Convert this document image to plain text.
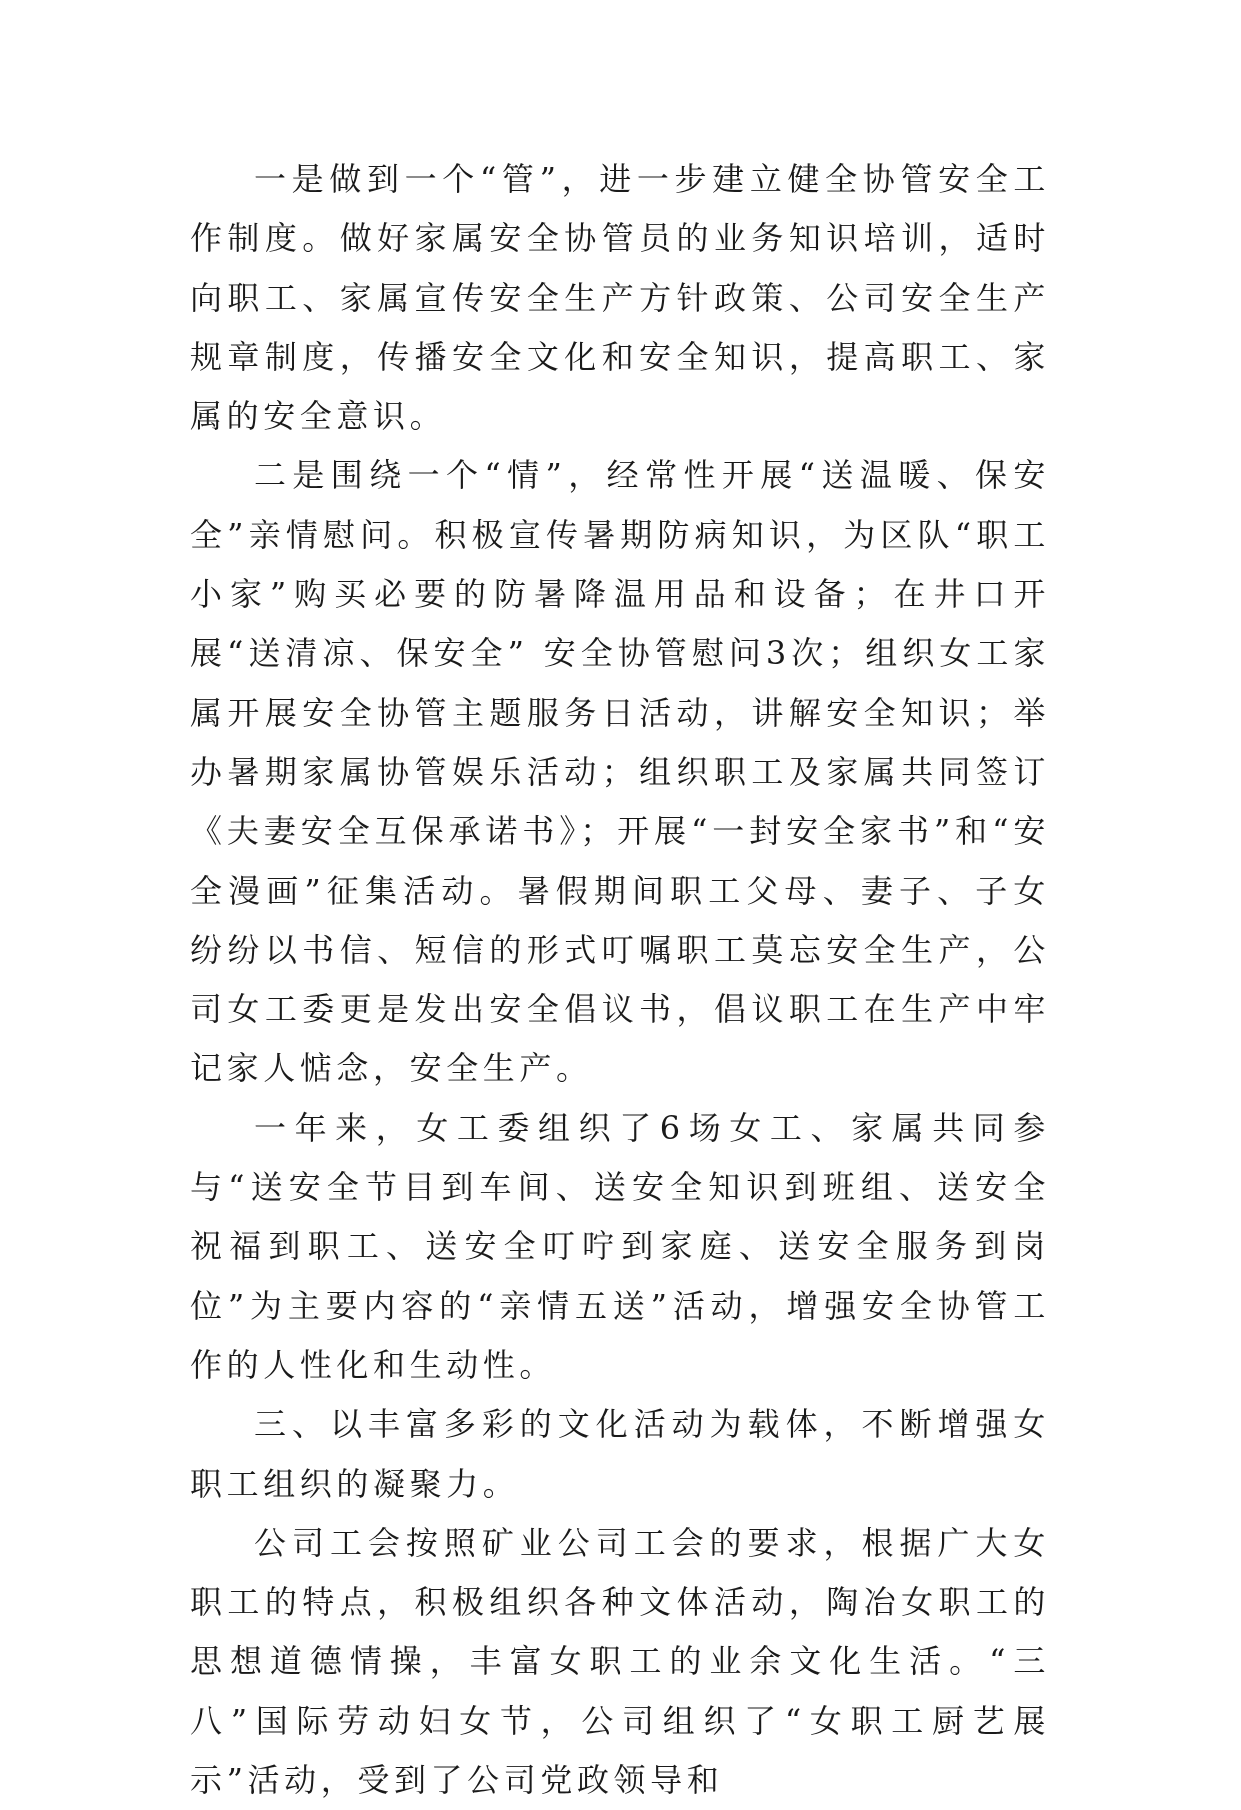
一是做到一个“管”，进一步建立健全协管安全工作制度。做好家属安全协管员的业务知识培训，适时向职工、家属宣传安全生产方针政策、公司安全生产规章制度，传播安全文化和安全知识，提高职工、家属的安全意识。

二是围绕一个“情”，经常性开展“送温暖、保安全”亲情慰问。积极宣传暑期防病知识，为区队“职工小家”购买必要的防暑降温用品和设备；在井口开展“送清凉、保安全” 安全协管慰问3次；组织女工家属开展安全协管主题服务日活动，讲解安全知识；举办暑期家属协管娱乐活动；组织职工及家属共同签订《夫妻安全互保承诺书》；开展“一封安全家书”和“安全漫画”征集活动。暑假期间职工父母、妻子、子女纷纷以书信、短信的形式叮嘱职工莫忘安全生产，公司女工委更是发出安全倡议书，倡议职工在生产中牢记家人惦念，安全生产。

一年来，女工委组织了6场女工、家属共同参与“送安全节目到车间、送安全知识到班组、送安全祝福到职工、送安全叮咛到家庭、送安全服务到岗位”为主要内容的“亲情五送”活动，增强安全协管工作的人性化和生动性。

三、以丰富多彩的文化活动为载体，不断增强女职工组织的凝聚力。

公司工会按照矿业公司工会的要求，根据广大女职工的特点，积极组织各种文体活动，陶冶女职工的思想道德情操，丰富女职工的业余文化生活。“三八”国际劳动妇女节，公司组织了“女职工厨艺展示”活动，受到了公司党政领导和
